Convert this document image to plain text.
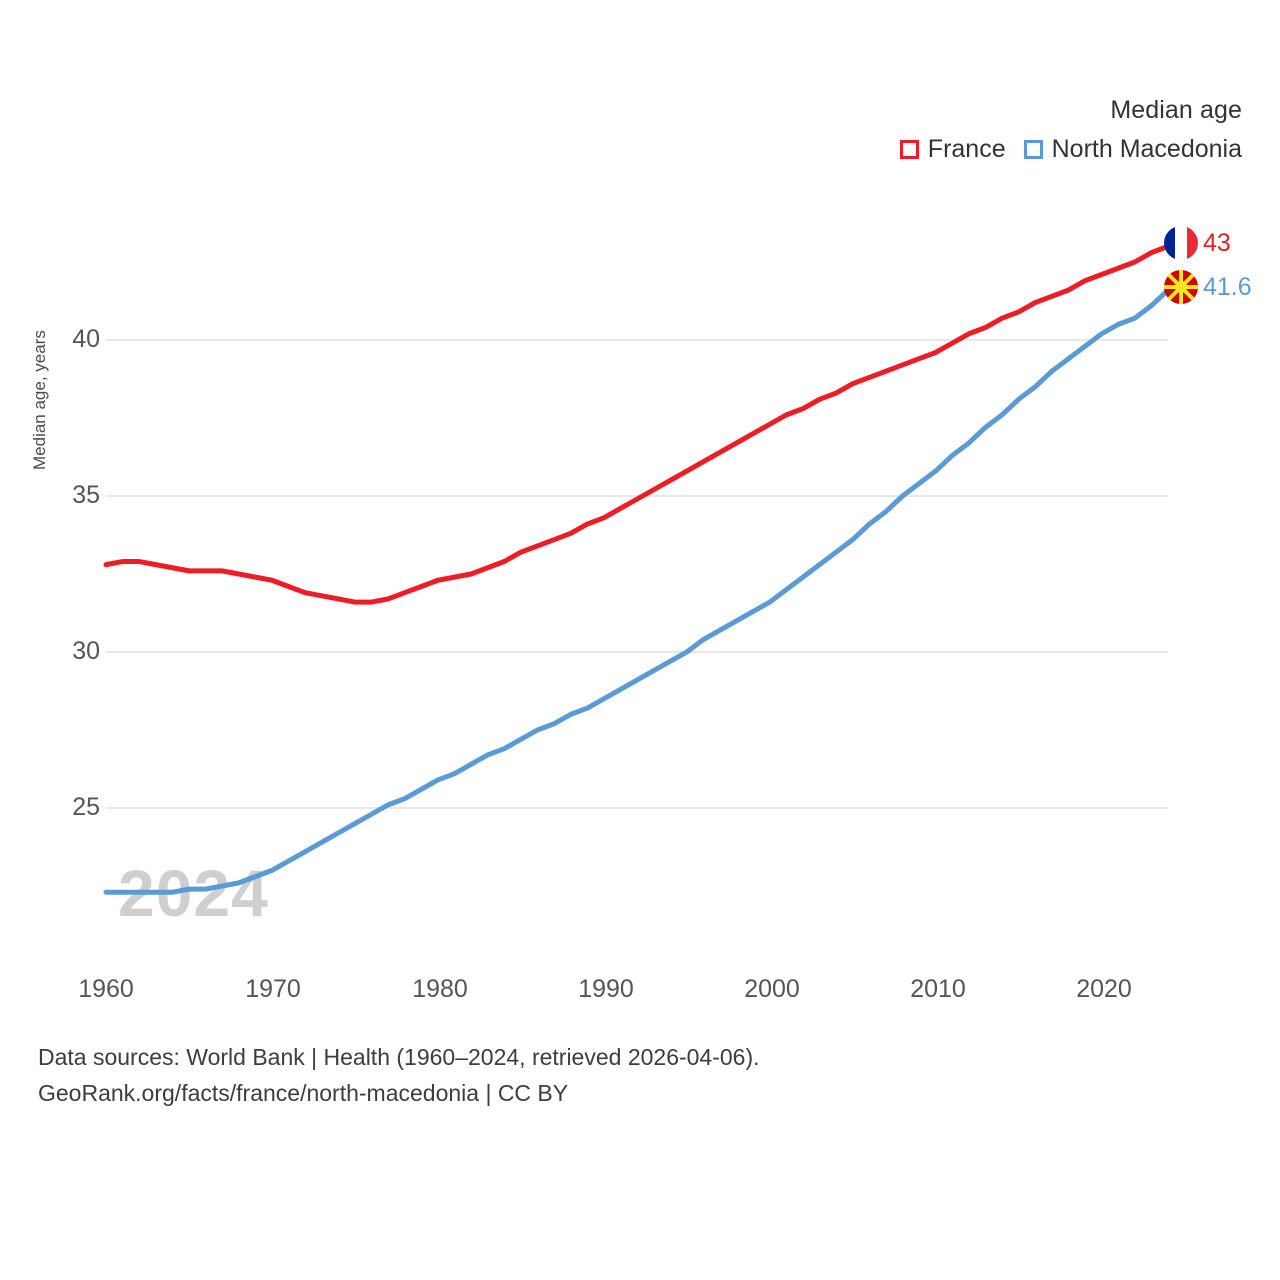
Median age
France North Macedonia
Median age, years
2024
40
35
30
25
1960	1970	1980	1990	2000	2010	2020
43
41.6
Data sources: World Bank | Health (1960–2024, retrieved 2026-04-06).
GeoRank.org/facts/france/north-macedonia | CC BY
